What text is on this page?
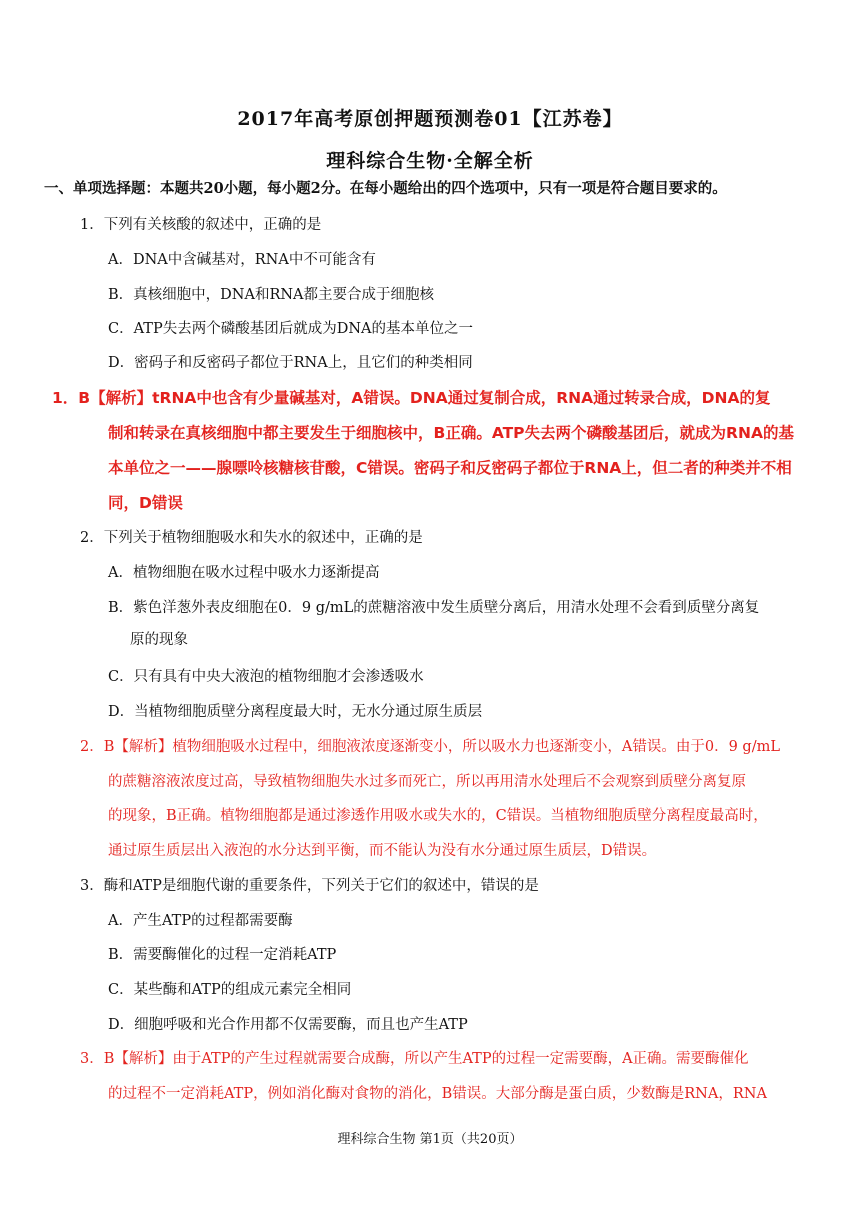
2017年高考原创押题预测卷01【江苏卷】
理科综合生物·全解全析
一、单项选择题：本题共20小题，每小题2分。在每小题给出的四个选项中，只有一项是符合题目要求的。
1．下列有关核酸的叙述中，正确的是
A．DNA中含碱基对，RNA中不可能含有
B．真核细胞中，DNA和RNA都主要合成于细胞核
C．ATP失去两个磷酸基团后就成为DNA的基本单位之一
D．密码子和反密码子都位于RNA上，且它们的种类相同
1．B【解析】tRNA中也含有少量碱基对，A错误。DNA通过复制合成，RNA通过转录合成，DNA的复
制和转录在真核细胞中都主要发生于细胞核中，B正确。ATP失去两个磷酸基团后，就成为RNA的基
本单位之一——腺嘌呤核糖核苷酸，C错误。密码子和反密码子都位于RNA上，但二者的种类并不相
同，D错误
2．下列关于植物细胞吸水和失水的叙述中，正确的是
A．植物细胞在吸水过程中吸水力逐渐提高
B．紫色洋葱外表皮细胞在0．9 g/mL的蔗糖溶液中发生质壁分离后，用清水处理不会看到质壁分离复
原的现象
C．只有具有中央大液泡的植物细胞才会渗透吸水
D．当植物细胞质壁分离程度最大时，无水分通过原生质层
2．B【解析】植物细胞吸水过程中，细胞液浓度逐渐变小，所以吸水力也逐渐变小，A错误。由于0．9 g/mL
的蔗糖溶液浓度过高，导致植物细胞失水过多而死亡，所以再用清水处理后不会观察到质壁分离复原
的现象，B正确。植物细胞都是通过渗透作用吸水或失水的，C错误。当植物细胞质壁分离程度最高时，
通过原生质层出入液泡的水分达到平衡，而不能认为没有水分通过原生质层，D错误。
3．酶和ATP是细胞代谢的重要条件，下列关于它们的叙述中，错误的是
A．产生ATP的过程都需要酶
B．需要酶催化的过程一定消耗ATP
C．某些酶和ATP的组成元素完全相同
D．细胞呼吸和光合作用都不仅需要酶，而且也产生ATP
3．B【解析】由于ATP的产生过程就需要合成酶，所以产生ATP的过程一定需要酶，A正确。需要酶催化
的过程不一定消耗ATP，例如消化酶对食物的消化，B错误。大部分酶是蛋白质，少数酶是RNA，RNA
理科综合生物 第1页（共20页）
